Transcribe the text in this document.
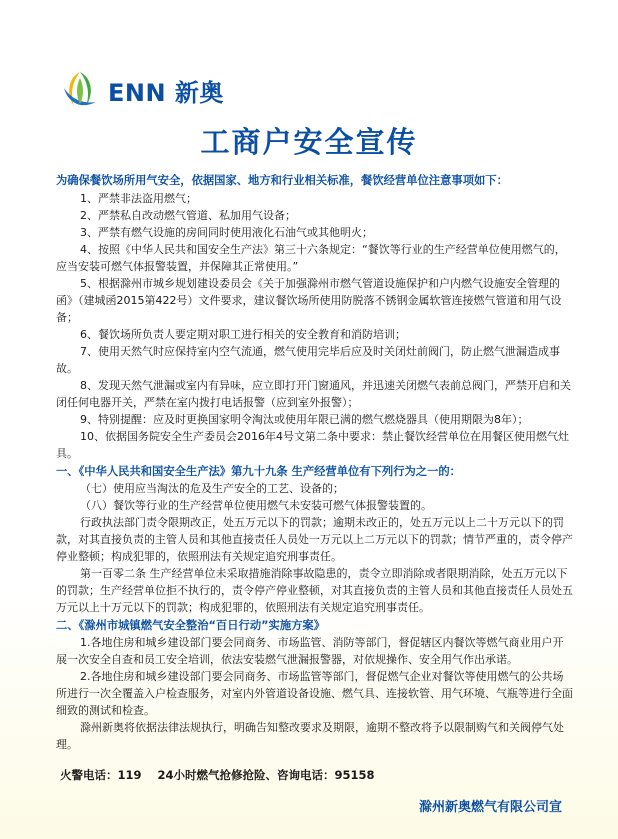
ENN 新奥
工商户安全宣传
为确保餐饮场所用气安全，依据国家、地方和行业相关标准，餐饮经营单位注意事项如下：

1、严禁非法盗用燃气；

2、严禁私自改动燃气管道、私加用气设备；

3、严禁有燃气设施的房间同时使用液化石油气或其他明火；

4、按照《中华人民共和国安全生产法》第三十六条规定：“餐饮等行业的生产经营单位使用燃气的，应当安装可燃气体报警装置，并保障其正常使用。”

5、根据滁州市城乡规划建设委员会《关于加强滁州市燃气管道设施保护和户内燃气设施安全管理的函》（建城函2015第422号）文件要求，建议餐饮场所使用防脱落不锈钢金属软管连接燃气管道和用气设备；

6、餐饮场所负责人要定期对职工进行相关的安全教育和消防培训；

7、使用天然气时应保持室内空气流通，燃气使用完毕后应及时关闭灶前阀门，防止燃气泄漏造成事故。

8、发现天然气泄漏或室内有异味，应立即打开门窗通风，并迅速关闭燃气表前总阀门，严禁开启和关闭任何电器开关，严禁在室内拨打电话报警（应到室外报警）；

9、特别提醒：应及时更换国家明令淘汰或使用年限已满的燃气燃烧器具（使用期限为8年）；

10、依据国务院安全生产委员会2016年4号文第二条中要求：禁止餐饮经营单位在用餐区使用燃气灶具。

一、《中华人民共和国安全生产法》第九十九条 生产经营单位有下列行为之一的：

（七）使用应当淘汰的危及生产安全的工艺、设备的；

（八）餐饮等行业的生产经营单位使用燃气未安装可燃气体报警装置的。

行政执法部门责令限期改正，处五万元以下的罚款；逾期未改正的，处五万元以上二十万元以下的罚款，对其直接负责的主管人员和其他直接责任人员处一万元以上二万元以下的罚款；情节严重的，责令停产停业整顿；构成犯罪的，依照刑法有关规定追究刑事责任。

第一百零二条 生产经营单位未采取措施消除事故隐患的，责令立即消除或者限期消除，处五万元以下的罚款；生产经营单位拒不执行的，责令停产停业整顿，对其直接负责的主管人员和其他直接责任人员处五万元以上十万元以下的罚款；构成犯罪的，依照刑法有关规定追究刑事责任。

二、《滁州市城镇燃气安全整治“百日行动”实施方案》

1.各地住房和城乡建设部门要会同商务、市场监管、消防等部门，督促辖区内餐饮等燃气商业用户开展一次安全自查和员工安全培训，依法安装燃气泄漏报警器，对依规操作、安全用气作出承诺。

2.各地住房和城乡建设部门要会同商务、市场监管等部门，督促燃气企业对餐饮等使用燃气的公共场所进行一次全覆盖入户检查服务，对室内外管道设备设施、燃气具、连接软管、用气环境、气瓶等进行全面细致的测试和检查。

滁州新奥将依据法律法规执行，明确告知整改要求及期限，逾期不整改将予以限制购气和关阀停气处理。

火警电话：119 24小时燃气抢修抢险、咨询电话：95158
滁州新奥燃气有限公司宣
